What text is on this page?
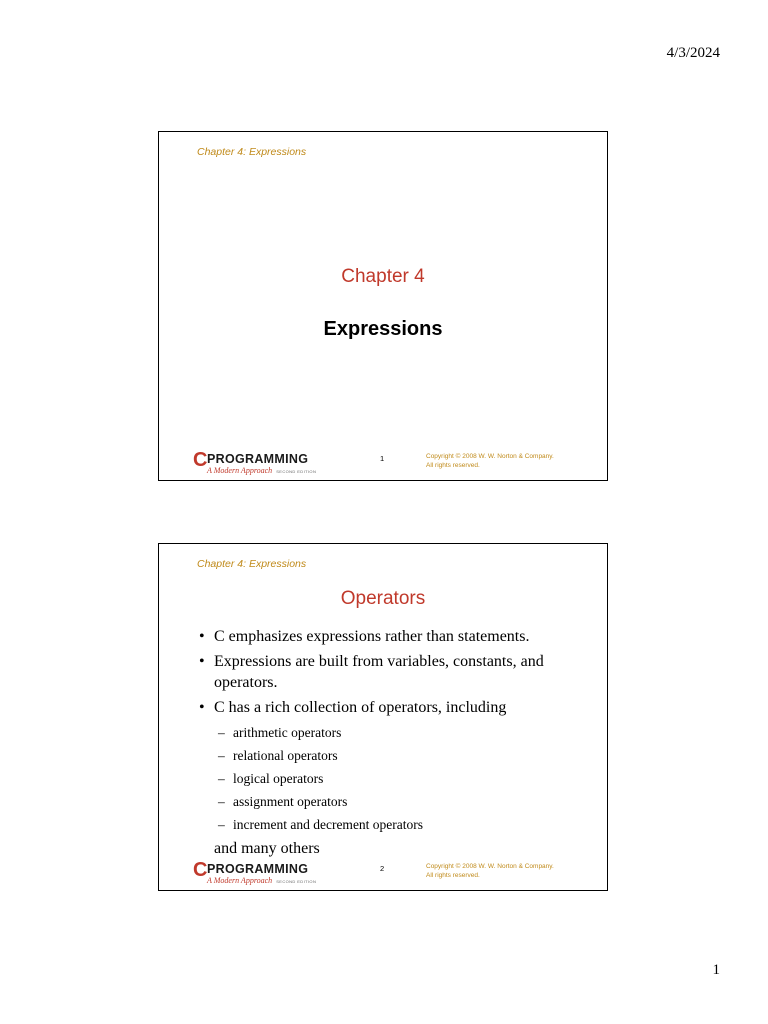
4/3/2024
Chapter 4: Expressions
Chapter 4
Expressions
C PROGRAMMING
A Modern Approach SECOND EDITION
1	Copyright © 2008 W. W. Norton & Company.
All rights reserved.
Chapter 4: Expressions
Operators
• C emphasizes expressions rather than statements.
• Expressions are built from variables, constants, and operators.
• C has a rich collection of operators, including
– arithmetic operators
– relational operators
– logical operators
– assignment operators
– increment and decrement operators
and many others
C PROGRAMMING
A Modern Approach SECOND EDITION
2	Copyright © 2008 W. W. Norton & Company.
All rights reserved.
1
